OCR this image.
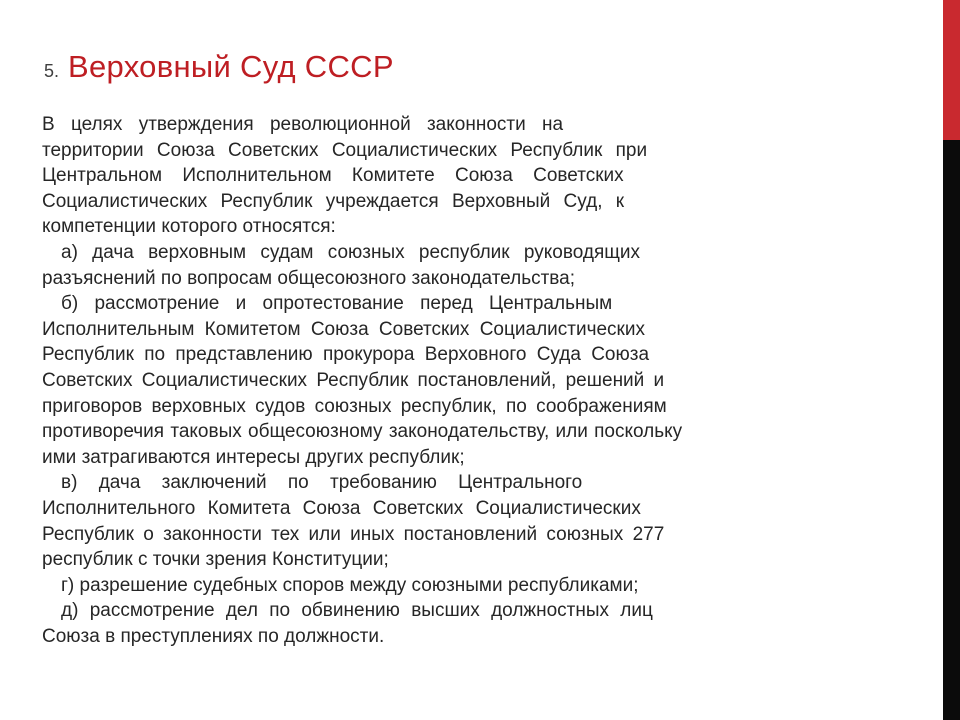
5. Верховный Суд СССР
В целях утверждения революционной законности на
территории Союза Советских Социалистических Республик при
Центральном Исполнительном Комитете Союза Советских
Социалистических Республик учреждается Верховный Суд, к
компетенции которого относятся:
а) дача верховным судам союзных республик руководящих
разъяснений по вопросам общесоюзного законодательства;
б) рассмотрение и опротестование перед Центральным
Исполнительным Комитетом Союза Советских Социалистических
Республик по представлению прокурора Верховного Суда Союза
Советских Социалистических Республик постановлений, решений и
приговоров верховных судов союзных республик, по соображениям
противоречия таковых общесоюзному законодательству, или поскольку
ими затрагиваются интересы других республик;
в) дача заключений по требованию Центрального
Исполнительного Комитета Союза Советских Социалистических
Республик о законности тех или иных постановлений союзных 277
республик с точки зрения Конституции;
г) разрешение судебных споров между союзными республиками;
д) рассмотрение дел по обвинению высших должностных лиц
Союза в преступлениях по должности.
